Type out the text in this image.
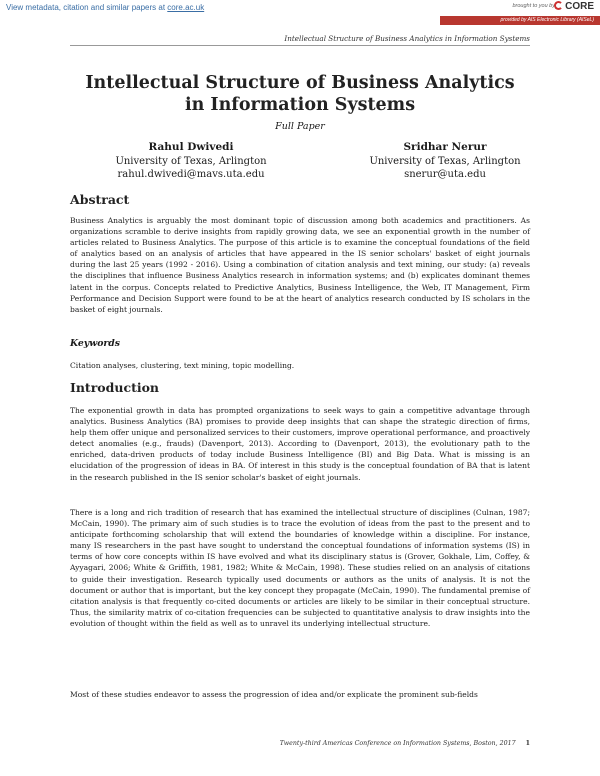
View metadata, citation and similar papers at core.ac.uk	brought to you by	CORE
provided by AIS Electronic Library (AISeL)
Intellectual Structure of Business Analytics in Information Systems
Intellectual Structure of Business Analytics
in Information Systems
Full Paper
Rahul Dwivedi
University of Texas, Arlington
rahul.dwivedi@mavs.uta.edu
Sridhar Nerur
University of Texas, Arlington
snerur@uta.edu
Abstract
Business Analytics is arguably the most dominant topic of discussion among both academics and practitioners. As organizations scramble to derive insights from rapidly growing data, we see an exponential growth in the number of articles related to Business Analytics. The purpose of this article is to examine the conceptual foundations of the field of analytics based on an analysis of articles that have appeared in the IS senior scholars' basket of eight journals during the last 25 years (1992 - 2016). Using a combination of citation analysis and text mining, our study: (a) reveals the disciplines that influence Business Analytics research in information systems; and (b) explicates dominant themes latent in the corpus. Concepts related to Predictive Analytics, Business Intelligence, the Web, IT Management, Firm Performance and Decision Support were found to be at the heart of analytics research conducted by IS scholars in the basket of eight journals.
Keywords
Citation analyses, clustering, text mining, topic modelling.
Introduction
The exponential growth in data has prompted organizations to seek ways to gain a competitive advantage through analytics. Business Analytics (BA) promises to provide deep insights that can shape the strategic direction of firms, help them offer unique and personalized services to their customers, improve operational performance, and proactively detect anomalies (e.g., frauds) (Davenport, 2013). According to (Davenport, 2013), the evolutionary path to the enriched, data-driven products of today include Business Intelligence (BI) and Big Data. What is missing is an elucidation of the progression of ideas in BA. Of interest in this study is the conceptual foundation of BA that is latent in the research published in the IS senior scholar's basket of eight journals.
There is a long and rich tradition of research that has examined the intellectual structure of disciplines (Culnan, 1987; McCain, 1990). The primary aim of such studies is to trace the evolution of ideas from the past to the present and to anticipate forthcoming scholarship that will extend the boundaries of knowledge within a discipline. For instance, many IS researchers in the past have sought to understand the conceptual foundations of information systems (IS) in terms of how core concepts within IS have evolved and what its disciplinary status is (Grover, Gokhale, Lim, Coffey, & Ayyagari, 2006; White & Griffith, 1981, 1982; White & McCain, 1998). These studies relied on an analysis of citations to guide their investigation. Research typically used documents or authors as the units of analysis. It is not the document or author that is important, but the key concept they propagate (McCain, 1990). The fundamental premise of citation analysis is that frequently co-cited documents or articles are likely to be similar in their conceptual structure. Thus, the similarity matrix of co-citation frequencies can be subjected to quantitative analysis to draw insights into the evolution of thought within the field as well as to unravel its underlying intellectual structure.
Most of these studies endeavor to assess the progression of idea and/or explicate the prominent sub-fields
Twenty-third Americas Conference on Information Systems, Boston, 2017 1
